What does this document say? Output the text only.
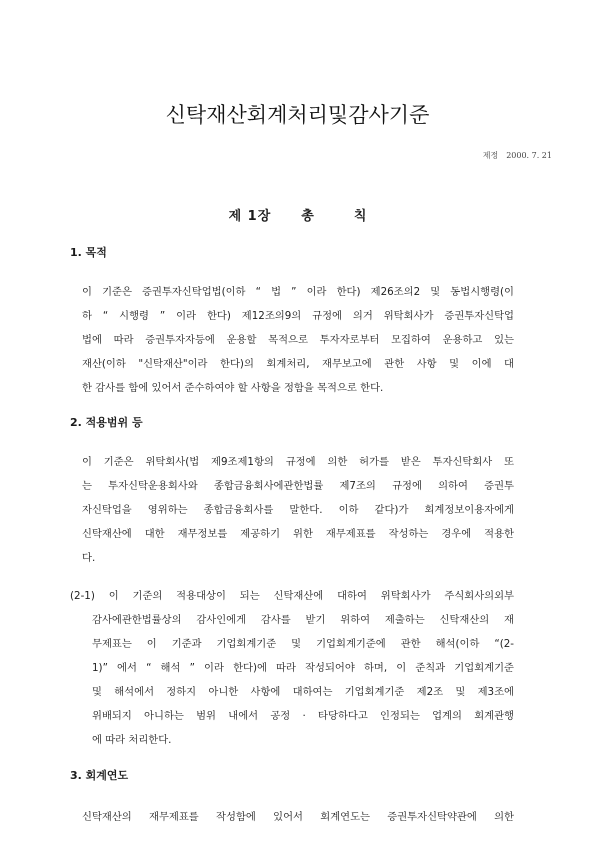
신탁재산회계처리및감사기준
제정 2000. 7. 21
제 1장 총	칙
1. 목적
이 기준은 증권투자신탁업법(이하 “ 법 ” 이라 한다) 제26조의2 및 동법시행령(이
하 “ 시행령 ” 이라 한다) 제12조의9의 규정에 의거 위탁회사가 증권투자신탁업
법에 따라 증권투자자등에 운용할 목적으로 투자자로부터 모집하여 운용하고 있는
재산(이하 "신탁재산"이라 한다)의 회계처리, 재무보고에 관한 사항 및 이에 대
한 감사를 함에 있어서 준수하여야 할 사항을 정함을 목적으로 한다.
2. 적용범위 등
이 기준은 위탁회사(법 제9조제1항의 규정에 의한 허가를 받은 투자신탁회사 또
는 투자신탁운용회사와 종합금융회사에관한법률 제7조의 규정에 의하여 증권투
자신탁업을 영위하는 종합금융회사를 말한다. 이하 같다)가 회계정보이용자에게
신탁재산에 대한 재무정보를 제공하기 위한 재무제표를 작성하는 경우에 적용한
다.
(2-1) 이 기준의 적용대상이 되는 신탁재산에 대하여 위탁회사가 주식회사의외부
감사에관한법률상의 감사인에게 감사를 받기 위하여 제출하는 신탁재산의 재
무제표는 이 기준과 기업회계기준 및 기업회계기준에 관한 해석(이하 “(2-
1)” 에서 “ 해석 ” 이라 한다)에 따라 작성되어야 하며, 이 준칙과 기업회계기준
및 해석에서 정하지 아니한 사항에 대하여는 기업회계기준 제2조 및 제3조에
위배되지 아니하는 범위 내에서 공정 · 타당하다고 인정되는 업계의 회계관행
에 따라 처리한다.
3. 회계연도
신탁재산의 재무제표를 작성함에 있어서 회계연도는 증권투자신탁약관에 의한
